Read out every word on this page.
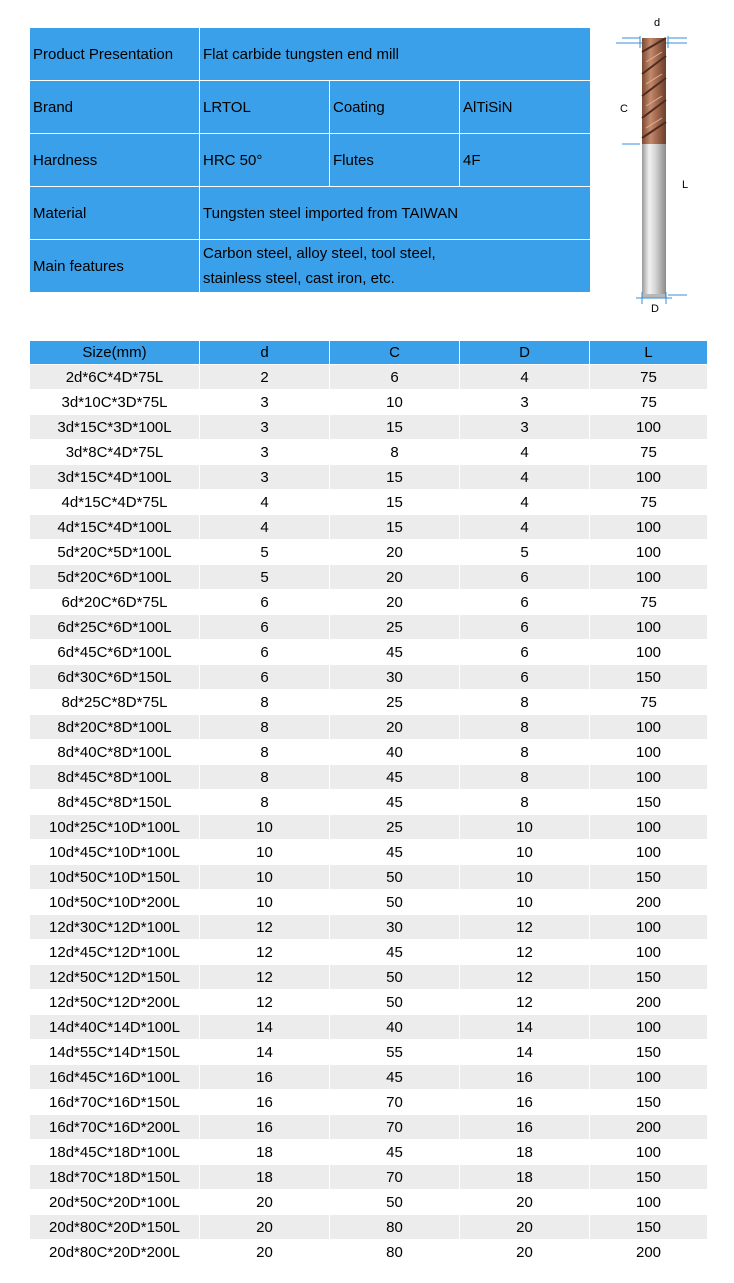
Product Presentation	Flat carbide tungsten end mill		
Brand	LRTOL	Coating	AlTiSiN
Hardness	HRC 50°	Flutes	4F
Material	Tungsten steel imported from TAIWAN		
Main features	Carbon steel, alloy steel, tool steel,
stainless steel, cast iron, etc.		
d
C
L
D
Size(mm)	d	C	D	L
2d*6C*4D*75L	2	6	4	75
3d*10C*3D*75L	3	10	3	75
3d*15C*3D*100L	3	15	3	100
3d*8C*4D*75L	3	8	4	75
3d*15C*4D*100L	3	15	4	100
4d*15C*4D*75L	4	15	4	75
4d*15C*4D*100L	4	15	4	100
5d*20C*5D*100L	5	20	5	100
5d*20C*6D*100L	5	20	6	100
6d*20C*6D*75L	6	20	6	75
6d*25C*6D*100L	6	25	6	100
6d*45C*6D*100L	6	45	6	100
6d*30C*6D*150L	6	30	6	150
8d*25C*8D*75L	8	25	8	75
8d*20C*8D*100L	8	20	8	100
8d*40C*8D*100L	8	40	8	100
8d*45C*8D*100L	8	45	8	100
8d*45C*8D*150L	8	45	8	150
10d*25C*10D*100L	10	25	10	100
10d*45C*10D*100L	10	45	10	100
10d*50C*10D*150L	10	50	10	150
10d*50C*10D*200L	10	50	10	200
12d*30C*12D*100L	12	30	12	100
12d*45C*12D*100L	12	45	12	100
12d*50C*12D*150L	12	50	12	150
12d*50C*12D*200L	12	50	12	200
14d*40C*14D*100L	14	40	14	100
14d*55C*14D*150L	14	55	14	150
16d*45C*16D*100L	16	45	16	100
16d*70C*16D*150L	16	70	16	150
16d*70C*16D*200L	16	70	16	200
18d*45C*18D*100L	18	45	18	100
18d*70C*18D*150L	18	70	18	150
20d*50C*20D*100L	20	50	20	100
20d*80C*20D*150L	20	80	20	150
20d*80C*20D*200L	20	80	20	200
